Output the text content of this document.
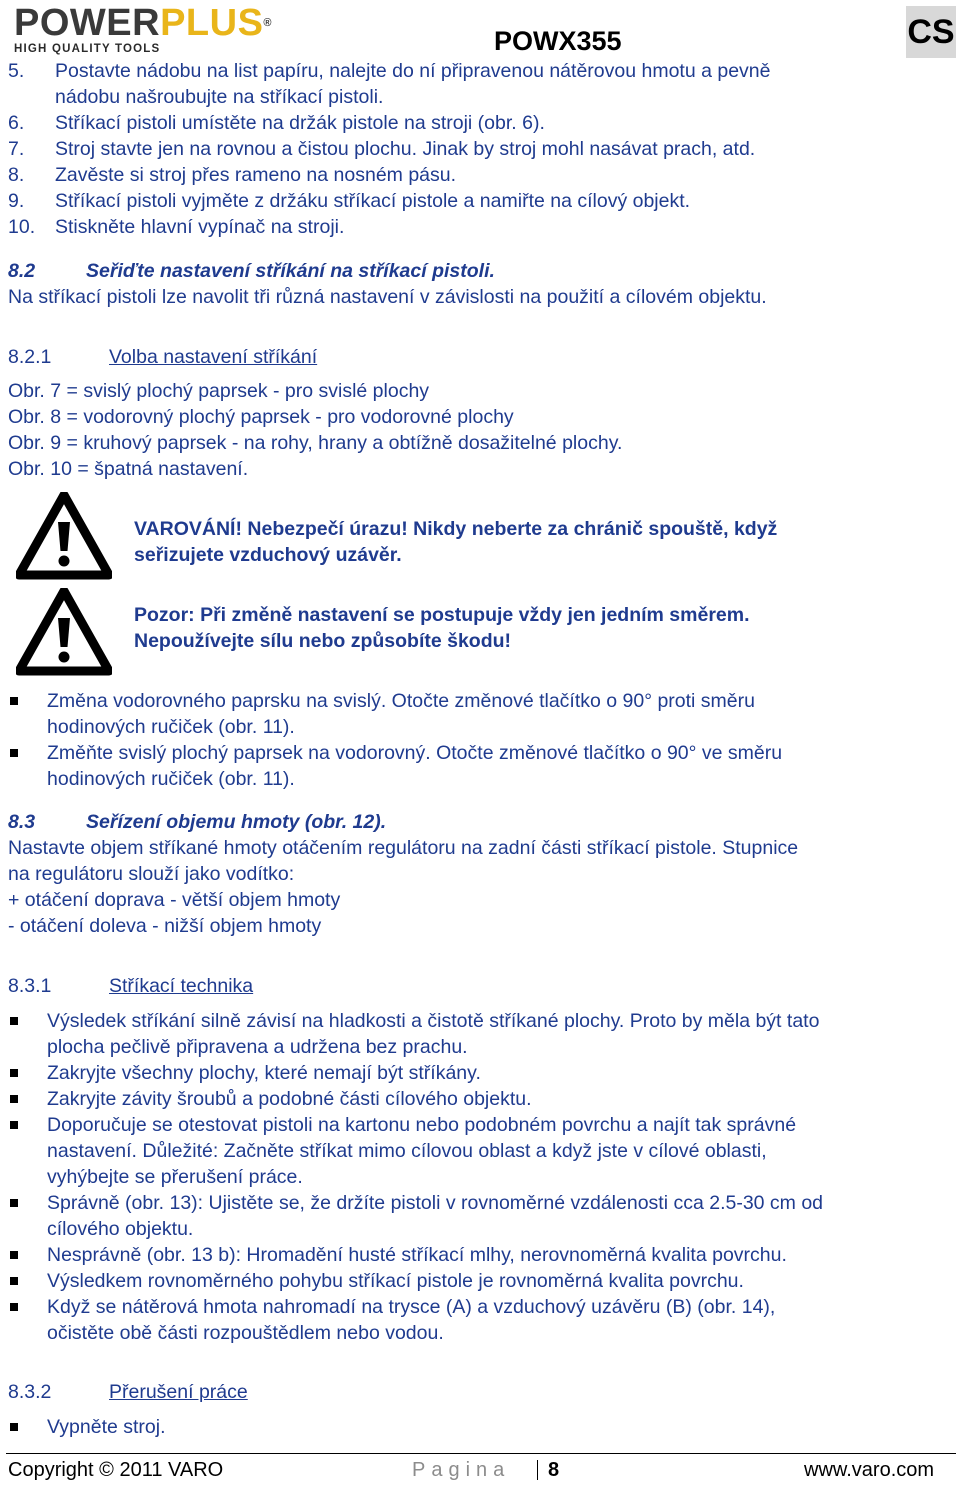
POWERPLUS®
HIGH QUALITY TOOLS	POWX355	CS
5. Postavte nádobu na list papíru, nalejte do ní připravenou nátěrovou hmotu a pevně
nádobu našroubujte na stříkací pistoli.
6. Stříkací pistoli umístěte na držák pistole na stroji (obr. 6).
7. Stroj stavte jen na rovnou a čistou plochu. Jinak by stroj mohl nasávat prach, atd.
8. Zavěste si stroj přes rameno na nosném pásu.
9. Stříkací pistoli vyjměte z držáku stříkací pistole a namiřte na cílový objekt.
10. Stiskněte hlavní vypínač na stroji.
8.2	Seřiďte nastavení stříkání na stříkací pistoli.
Na stříkací pistoli lze navolit tři různá nastavení v závislosti na použití a cílovém objektu.
8.2.1	Volba nastavení stříkání
Obr. 7 = svislý plochý paprsek - pro svislé plochy
Obr. 8 = vodorovný plochý paprsek - pro vodorovné plochy
Obr. 9 = kruhový paprsek - na rohy, hrany a obtížně dosažitelné plochy.
Obr. 10 = špatná nastavení.
VAROVÁNÍ! Nebezpečí úrazu! Nikdy neberte za chránič spouště, když
seřizujete vzduchový uzávěr.
Pozor: Při změně nastavení se postupuje vždy jen jedním směrem.
Nepoužívejte sílu nebo způsobíte škodu!
Změna vodorovného paprsku na svislý. Otočte změnové tlačítko o 90° proti směru
hodinových ručiček (obr. 11).
Změňte svislý plochý paprsek na vodorovný. Otočte změnové tlačítko o 90° ve směru
hodinových ručiček (obr. 11).
8.3	Seřízení objemu hmoty (obr. 12).
Nastavte objem stříkané hmoty otáčením regulátoru na zadní části stříkací pistole. Stupnice
na regulátoru slouží jako vodítko:
+ otáčení doprava - větší objem hmoty
- otáčení doleva - nižší objem hmoty
8.3.1	Stříkací technika
Výsledek stříkání silně závisí na hladkosti a čistotě stříkané plochy. Proto by měla být tato
plocha pečlivě připravena a udržena bez prachu.
Zakryjte všechny plochy, které nemají být stříkány.
Zakryjte závity šroubů a podobné části cílového objektu.
Doporučuje se otestovat pistoli na kartonu nebo podobném povrchu a najít tak správné
nastavení. Důležité: Začněte stříkat mimo cílovou oblast a když jste v cílové oblasti,
vyhýbejte se přerušení práce.
Správně (obr. 13): Ujistěte se, že držíte pistoli v rovnoměrné vzdálenosti cca 2.5-30 cm od
cílového objektu.
Nesprávně (obr. 13 b): Hromadění husté stříkací mlhy, nerovnoměrná kvalita povrchu.
Výsledkem rovnoměrného pohybu stříkací pistole je rovnoměrná kvalita povrchu.
Když se nátěrová hmota nahromadí na trysce (A) a vzduchový uzávěru (B) (obr. 14),
očistěte obě části rozpouštědlem nebo vodou.
8.3.2	Přerušení práce
Vypněte stroj.
Copyright © 2011 VARO	Pagina 8	www.varo.com
